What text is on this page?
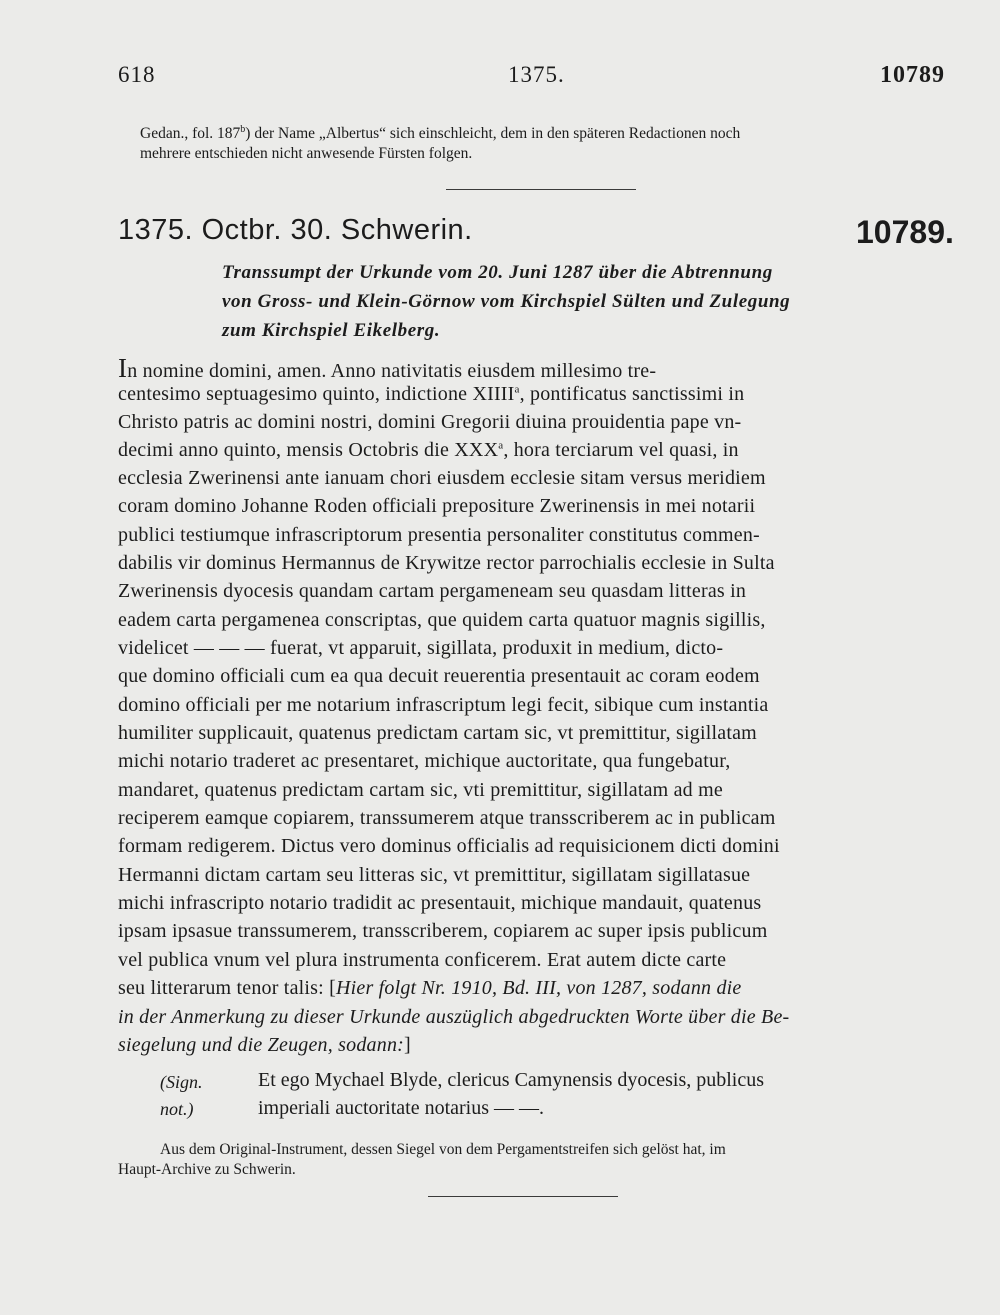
618	1375.	10789
Gedan., fol. 187$^b$) der Name „Albertus“ sich einschleicht, dem in den späteren Redactionen noch
mehrere entschieden nicht anwesende Fürsten folgen.
1375. Octbr. 30. Schwerin.	10789.
Transsumpt der Urkunde vom 20. Juni 1287 über die Abtrennung
von Gross- und Klein-Görnow vom Kirchspiel Sülten und Zulegung
zum Kirchspiel Eikelberg.
In nomine domini, amen. Anno nativitatis eiusdem millesimo tre-
centesimo septuagesimo quinto, indictione XIIII$^a$, pontificatus sanctissimi in
Christo patris ac domini nostri, domini Gregorii diuina prouidentia pape vn-
decimi anno quinto, mensis Octobris die XXX$^a$, hora terciarum vel quasi, in
ecclesia Zwerinensi ante ianuam chori eiusdem ecclesie sitam versus meridiem
coram domino Johanne Roden officiali prepositure Zwerinensis in mei notarii
publici testiumque infrascriptorum presentia personaliter constitutus commen-
dabilis vir dominus Hermannus de Krywitze rector parrochialis ecclesie in Sulta
Zwerinensis dyocesis quandam cartam pergameneam seu quasdam litteras in
eadem carta pergamenea conscriptas, que quidem carta quatuor magnis sigillis,
videlicet — — — fuerat, vt apparuit, sigillata, produxit in medium, dicto-
que domino officiali cum ea qua decuit reuerentia presentauit ac coram eodem
domino officiali per me notarium infrascriptum legi fecit, sibique cum instantia
humiliter supplicauit, quatenus predictam cartam sic, vt premittitur, sigillatam
michi notario traderet ac presentaret, michique auctoritate, qua fungebatur,
mandaret, quatenus predictam cartam sic, vti premittitur, sigillatam ad me
reciperem eamque copiarem, transsumerem atque transscriberem ac in publicam
formam redigerem. Dictus vero dominus officialis ad requisicionem dicti domini
Hermanni dictam cartam seu litteras sic, vt premittitur, sigillatam sigillatasue
michi infrascripto notario tradidit ac presentauit, michique mandauit, quatenus
ipsam ipsasue transsumerem, transscriberem, copiarem ac super ipsis publicum
vel publica vnum vel plura instrumenta conficerem. Erat autem dicte carte
seu litterarum tenor talis: [Hier folgt Nr. 1910, Bd. III, von 1287, sodann die
in der Anmerkung zu dieser Urkunde auszüglich abgedruckten Worte über die Be-
siegelung und die Zeugen, sodann:]
(Sign.
not.)
Et ego Mychael Blyde, clericus Camynensis dyocesis, publicus
imperiali auctoritate notarius — —.
Aus dem Original-Instrument, dessen Siegel von dem Pergamentstreifen sich gelöst hat, im
Haupt-Archive zu Schwerin.
